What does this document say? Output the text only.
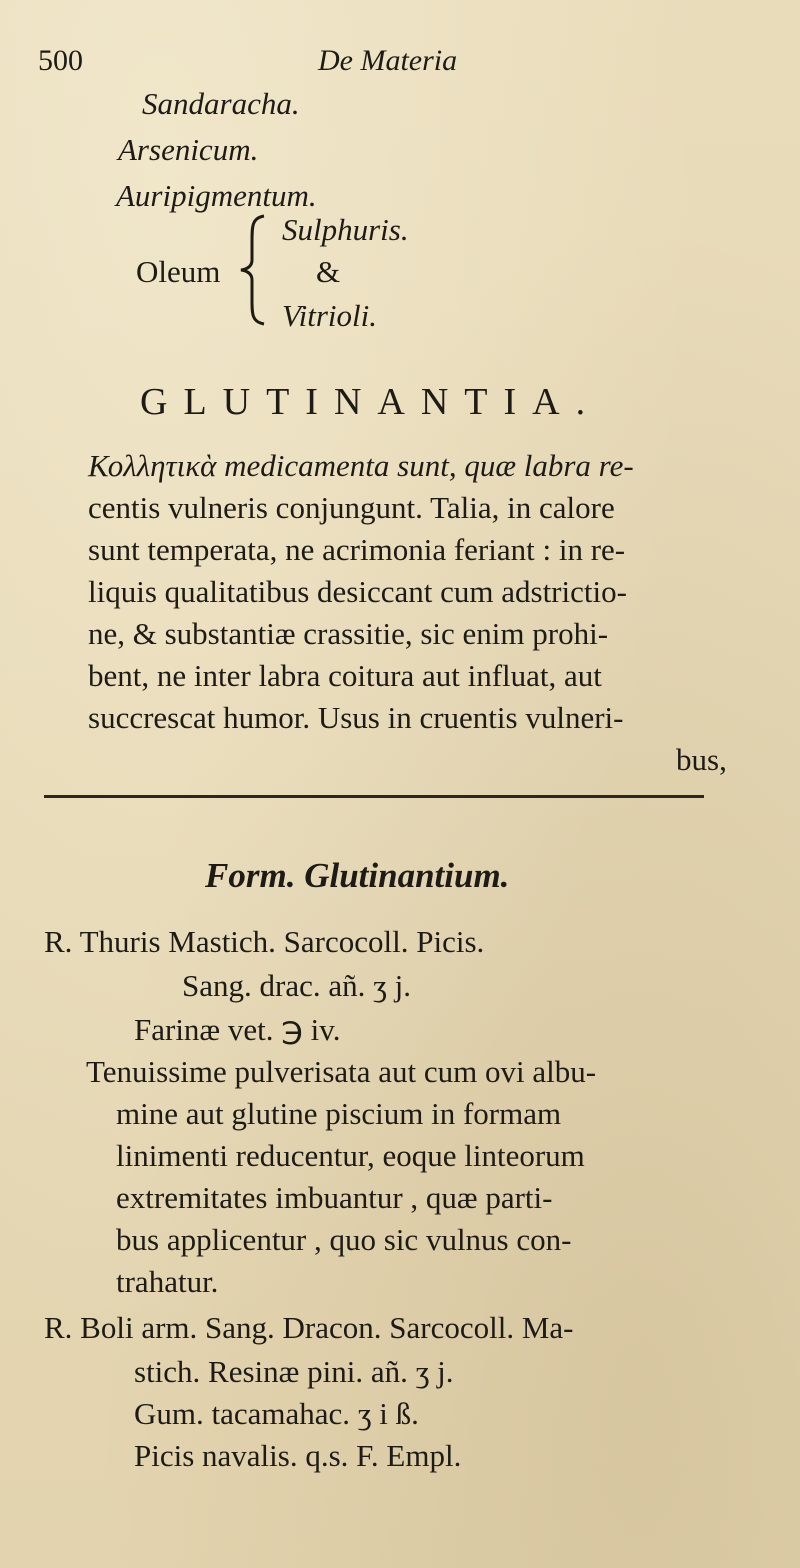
500	De Materia
Sandaracha.
Arsenicum.
Auripigmentum.
Oleum
Sulphuris.
&
Vitrioli.
GLUTINANTIA.
Κολλητικὰ medicamenta sunt, quæ labra re-
centis vulneris conjungunt. Talia, in calore
sunt temperata, ne acrimonia feriant : in re-
liquis qualitatibus desiccant cum adstrictio-
ne, & substantiæ crassitie, sic enim prohi-
bent, ne inter labra coitura aut influat, aut
succrescat humor. Usus in cruentis vulneri-
bus,
Form. Glutinantium.
R. Thuris Mastich. Sarcocoll. Picis.
Sang. drac. añ. ʒ j.
Farinæ vet. ℈ iv.
Tenuissime pulverisata aut cum ovi albu-
mine aut glutine piscium in formam
linimenti reducentur, eoque linteorum
extremitates imbuantur , quæ parti-
bus applicentur , quo sic vulnus con-
trahatur.
R. Boli arm. Sang. Dracon. Sarcocoll. Ma-
stich. Resinæ pini. añ. ʒ j.
Gum. tacamahac. ʒ i ß.
Picis navalis. q.s. F. Empl.
